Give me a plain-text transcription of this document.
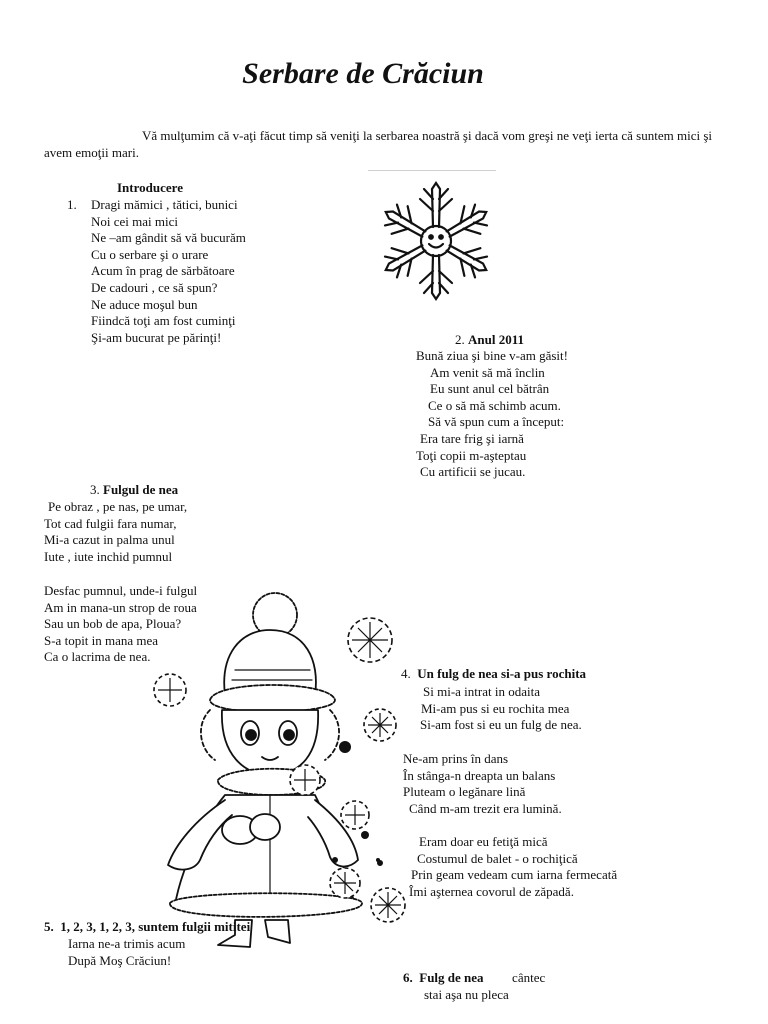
Serbare de Crăciun
Vă mulţumim că v-aţi făcut timp să veniţi la serbarea noastră şi dacă vom greşi ne veţi ierta că suntem mici şi avem emoţii mari.
Introducere
1. Dragi mămici , tătici, bunici
Noi cei mai mici
Ne –am gândit să vă bucurăm
Cu o serbare şi o urare
Acum în prag de sărbătoare
De cadouri , ce să spun?
Ne aduce moşul bun
Fiindcă toţi am fost cuminţi
Şi-am bucurat pe părinţi!	2. Anul 2011
Bună ziua şi bine v-am găsit!
Am venit să mă înclin
Eu sunt anul cel bătrân
Ce o să mă schimb acum.
Să vă spun cum a început:
Era tare frig şi iarnă
Toţi copii m-aşteptau
Cu artificii se jucau.
3. Fulgul de nea
Pe obraz , pe nas, pe umar,
Tot cad fulgii fara numar,
Mi-a cazut in palma unul
Iute , iute inchid pumnul
Desfac pumnul, unde-i fulgul
Am in mana-un strop de roua
Sau un bob de apa, Ploua?
S-a topit in mana mea
Ca o lacrima de nea.
4. Un fulg de nea si-a pus rochita
Si mi-a intrat in odaita
Mi-am pus si eu rochita mea
Si-am fost si eu un fulg de nea.
Ne-am prins în dans
În stânga-n dreapta un balans
Pluteam o legănare lină
Când m-am trezit era lumină.
Eram doar eu fetiţă mică
Costumul de balet - o rochiţică
Prin geam vedeam cum iarna fermecată
Îmi aşternea covorul de zăpadă.
5. 1, 2, 3, 1, 2, 3, suntem fulgii mititei
Iarna ne-a trimis acum
După Moş Crăciun!
6. Fulg de nea cântec
stai aşa nu pleca
